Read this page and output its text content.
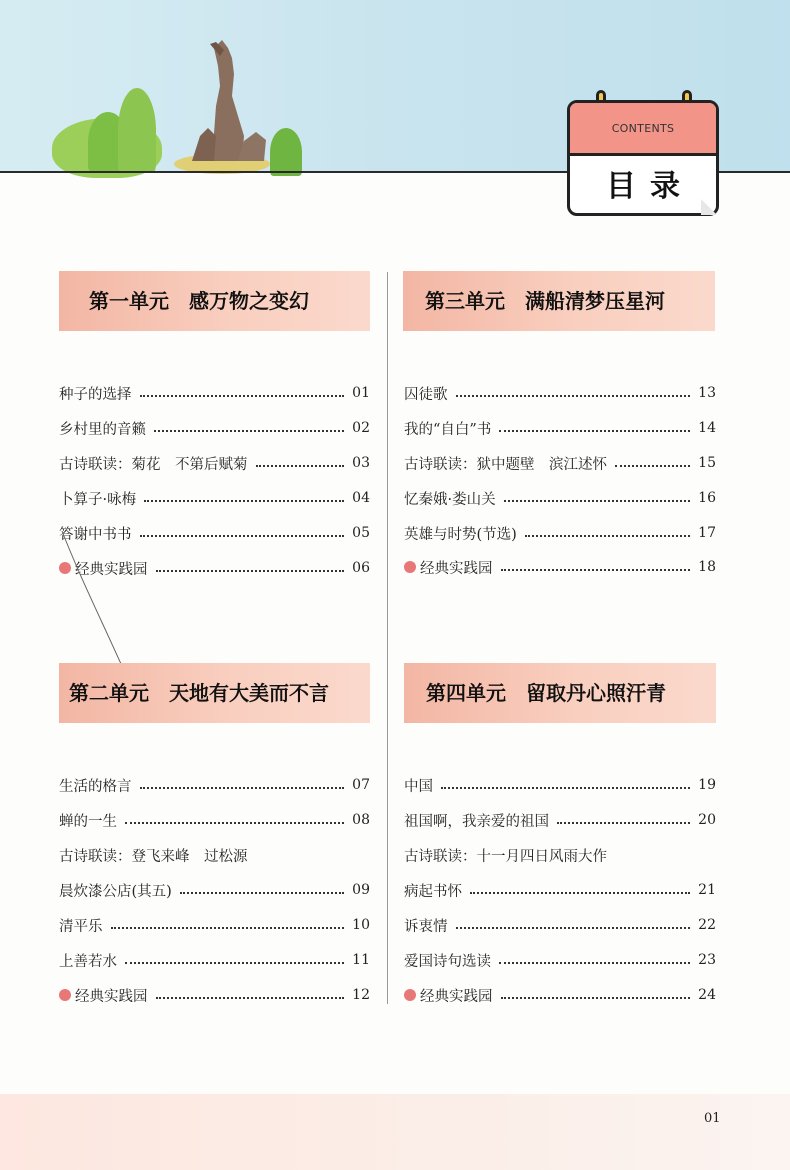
CONTENTS
目录
第一单元　感万物之变幻
种子的选择	01
乡村里的音籁	02
古诗联读：菊花　不第后赋菊	03
卜算子·咏梅	04
答谢中书书	05
经典实践园	06
第二单元　天地有大美而不言
生活的格言	07
蝉的一生	08
古诗联读：登飞来峰　过松源
晨炊漆公店(其五)	09
清平乐	10
上善若水	11
经典实践园	12
第三单元　满船清梦压星河
囚徒歌	13
我的“自白”书	14
古诗联读：狱中题壁　滨江述怀	15
忆秦娥·娄山关	16
英雄与时势(节选)	17
经典实践园	18
第四单元　留取丹心照汗青
中国	19
祖国啊，我亲爱的祖国	20
古诗联读：十一月四日风雨大作
病起书怀	21
诉衷情	22
爱国诗句选读	23
经典实践园	24
01
